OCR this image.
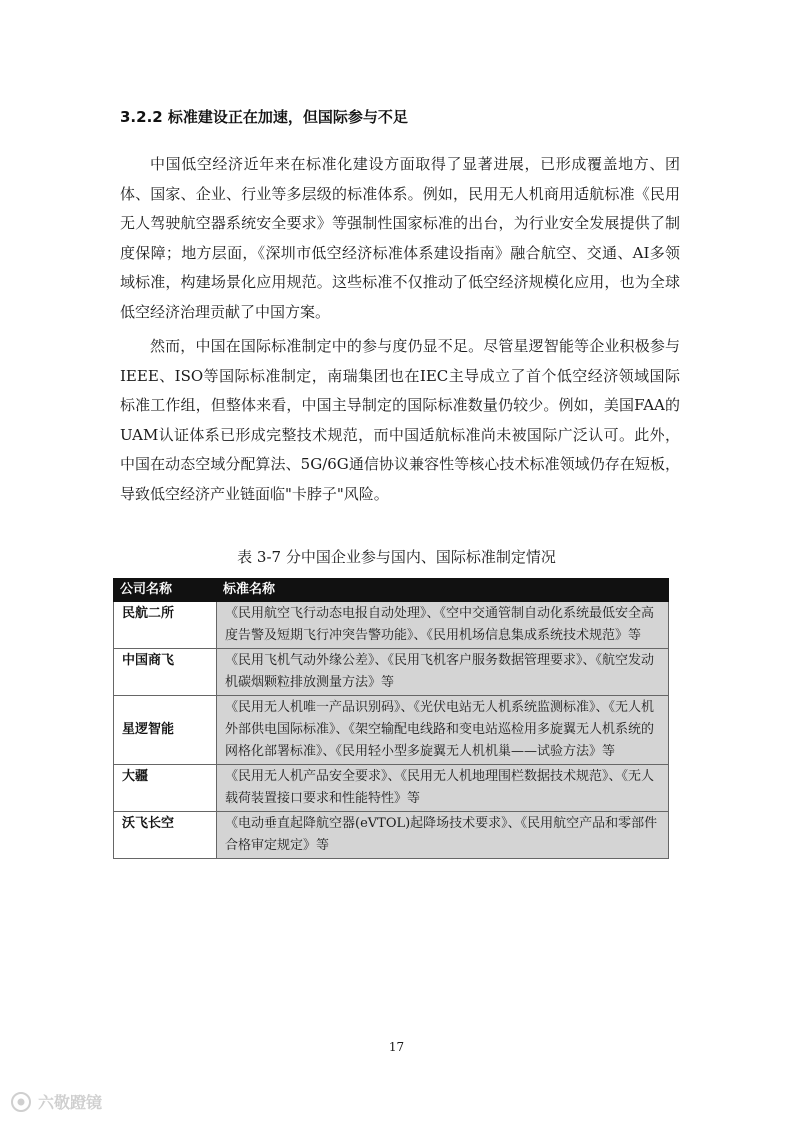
3.2.2 标准建设正在加速，但国际参与不足

中国低空经济近年来在标准化建设方面取得了显著进展，已形成覆盖地方、团体、国家、企业、行业等多层级的标准体系。例如，民用无人机商用适航标准《民用无人驾驶航空器系统安全要求》等强制性国家标准的出台，为行业安全发展提供了制度保障；地方层面，《深圳市低空经济标准体系建设指南》融合航空、交通、AI多领域标准，构建场景化应用规范。这些标准不仅推动了低空经济规模化应用，也为全球低空经济治理贡献了中国方案。

然而，中国在国际标准制定中的参与度仍显不足。尽管星逻智能等企业积极参与IEEE、ISO等国际标准制定，南瑞集团也在IEC主导成立了首个低空经济领域国际标准工作组，但整体来看，中国主导制定的国际标准数量仍较少。例如，美国FAA的UAM认证体系已形成完整技术规范，而中国适航标准尚未被国际广泛认可。此外，中国在动态空域分配算法、5G/6G通信协议兼容性等核心技术标准领域仍存在短板，导致低空经济产业链面临"卡脖子"风险。

表 3-7 分中国企业参与国内、国际标准制定情况
公司名称	标准名称
民航二所	《民用航空飞行动态电报自动处理》、《空中交通管制自动化系统最低安全高度告警及短期飞行冲突告警功能》、《民用机场信息集成系统技术规范》等
中国商飞	《民用飞机气动外缘公差》、《民用飞机客户服务数据管理要求》、《航空发动机碳烟颗粒排放测量方法》等
星逻智能	《民用无人机唯一产品识别码》、《光伏电站无人机系统监测标准》、《无人机外部供电国际标准》、《架空输配电线路和变电站巡检用多旋翼无人机系统的网格化部署标准》、《民用轻小型多旋翼无人机机巢——试验方法》等
大疆	《民用无人机产品安全要求》、《民用无人机地理围栏数据技术规范》、《无人载荷装置接口要求和性能特性》等
沃飞长空	《电动垂直起降航空器(eVTOL)起降场技术要求》、《民用航空产品和零部件合格审定规定》等
17
六敬蹬镜
